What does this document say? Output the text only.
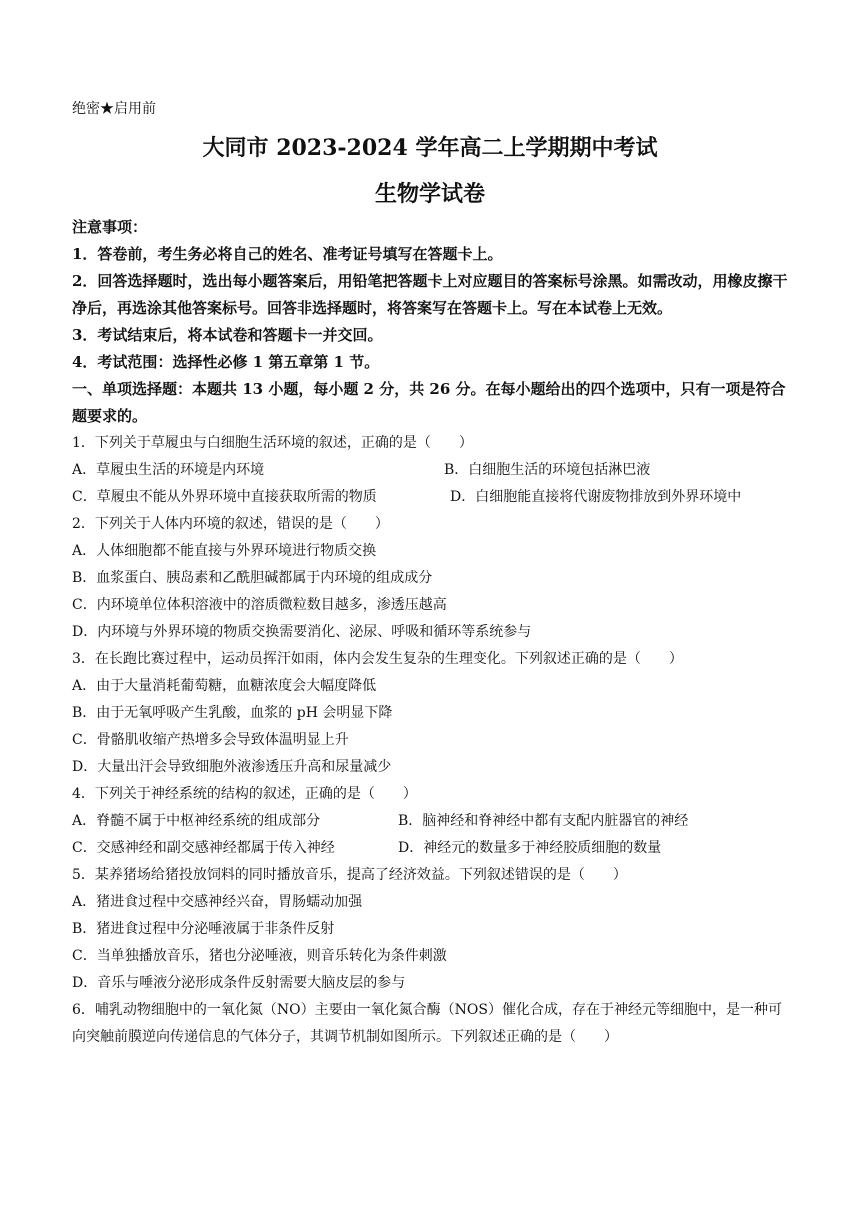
绝密★启用前
大同市 2023-2024 学年高二上学期期中考试
生物学试卷
注意事项：
1．答卷前，考生务必将自己的姓名、准考证号填写在答题卡上。
2．回答选择题时，选出每小题答案后，用铅笔把答题卡上对应题目的答案标号涂黑。如需改动，用橡皮擦干净后，再选涂其他答案标号。回答非选择题时，将答案写在答题卡上。写在本试卷上无效。
3．考试结束后，将本试卷和答题卡一并交回。
4．考试范围：选择性必修 1 第五章第 1 节。
一、单项选择题：本题共 13 小题，每小题 2 分，共 26 分。在每小题给出的四个选项中，只有一项是符合题要求的。
1．下列关于草履虫与白细胞生活环境的叙述，正确的是（　　）
A．草履虫生活的环境是内环境	B．白细胞生活的环境包括淋巴液
C．草履虫不能从外界环境中直接获取所需的物质	D．白细胞能直接将代谢废物排放到外界环境中
2．下列关于人体内环境的叙述，错误的是（　　）
A．人体细胞都不能直接与外界环境进行物质交换
B．血浆蛋白、胰岛素和乙酰胆碱都属于内环境的组成成分
C．内环境单位体积溶液中的溶质微粒数目越多，渗透压越高
D．内环境与外界环境的物质交换需要消化、泌尿、呼吸和循环等系统参与
3．在长跑比赛过程中，运动员挥汗如雨，体内会发生复杂的生理变化。下列叙述正确的是（　　）
A．由于大量消耗葡萄糖，血糖浓度会大幅度降低
B．由于无氧呼吸产生乳酸，血浆的 pH 会明显下降
C．骨骼肌收缩产热增多会导致体温明显上升
D．大量出汗会导致细胞外液渗透压升高和尿量减少
4．下列关于神经系统的结构的叙述，正确的是（　　）
A．脊髓不属于中枢神经系统的组成部分	B．脑神经和脊神经中都有支配内脏器官的神经
C．交感神经和副交感神经都属于传入神经	D．神经元的数量多于神经胶质细胞的数量
5．某养猪场给猪投放饲料的同时播放音乐，提高了经济效益。下列叙述错误的是（　　）
A．猪进食过程中交感神经兴奋，胃肠蠕动加强
B．猪进食过程中分泌唾液属于非条件反射
C．当单独播放音乐，猪也分泌唾液，则音乐转化为条件刺激
D．音乐与唾液分泌形成条件反射需要大脑皮层的参与
6．哺乳动物细胞中的一氧化氮（NO）主要由一氧化氮合酶（NOS）催化合成，存在于神经元等细胞中，是一种可向突触前膜逆向传递信息的气体分子，其调节机制如图所示。下列叙述正确的是（　　）
